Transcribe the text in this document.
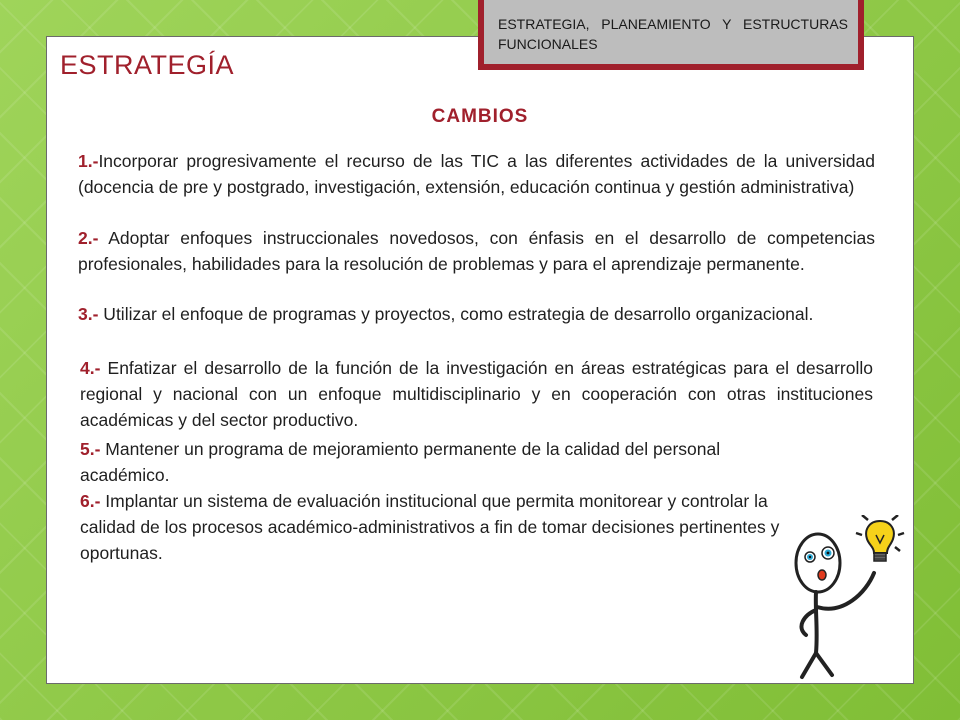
ESTRATEGIA, PLANEAMIENTO Y ESTRUCTURAS FUNCIONALES
ESTRATEGÍA
CAMBIOS
1.-Incorporar progresivamente el recurso de las TIC a las diferentes actividades de la universidad (docencia de pre y postgrado, investigación, extensión, educación continua y gestión administrativa)
2.- Adoptar enfoques instruccionales novedosos, con énfasis en el desarrollo de competencias profesionales, habilidades para la resolución de problemas y para el aprendizaje permanente.
3.- Utilizar el enfoque de programas y proyectos, como estrategia de desarrollo organizacional.
4.- Enfatizar el desarrollo de la función de la investigación en áreas estratégicas para el desarrollo regional y nacional con un enfoque multidisciplinario y en cooperación con otras instituciones académicas y del sector productivo.
5.- Mantener un programa de mejoramiento permanente de la calidad del personal académico.
6.- Implantar un sistema de evaluación institucional que permita monitorear y controlar la calidad de los procesos académico-administrativos a fin de tomar decisiones pertinentes y oportunas.
